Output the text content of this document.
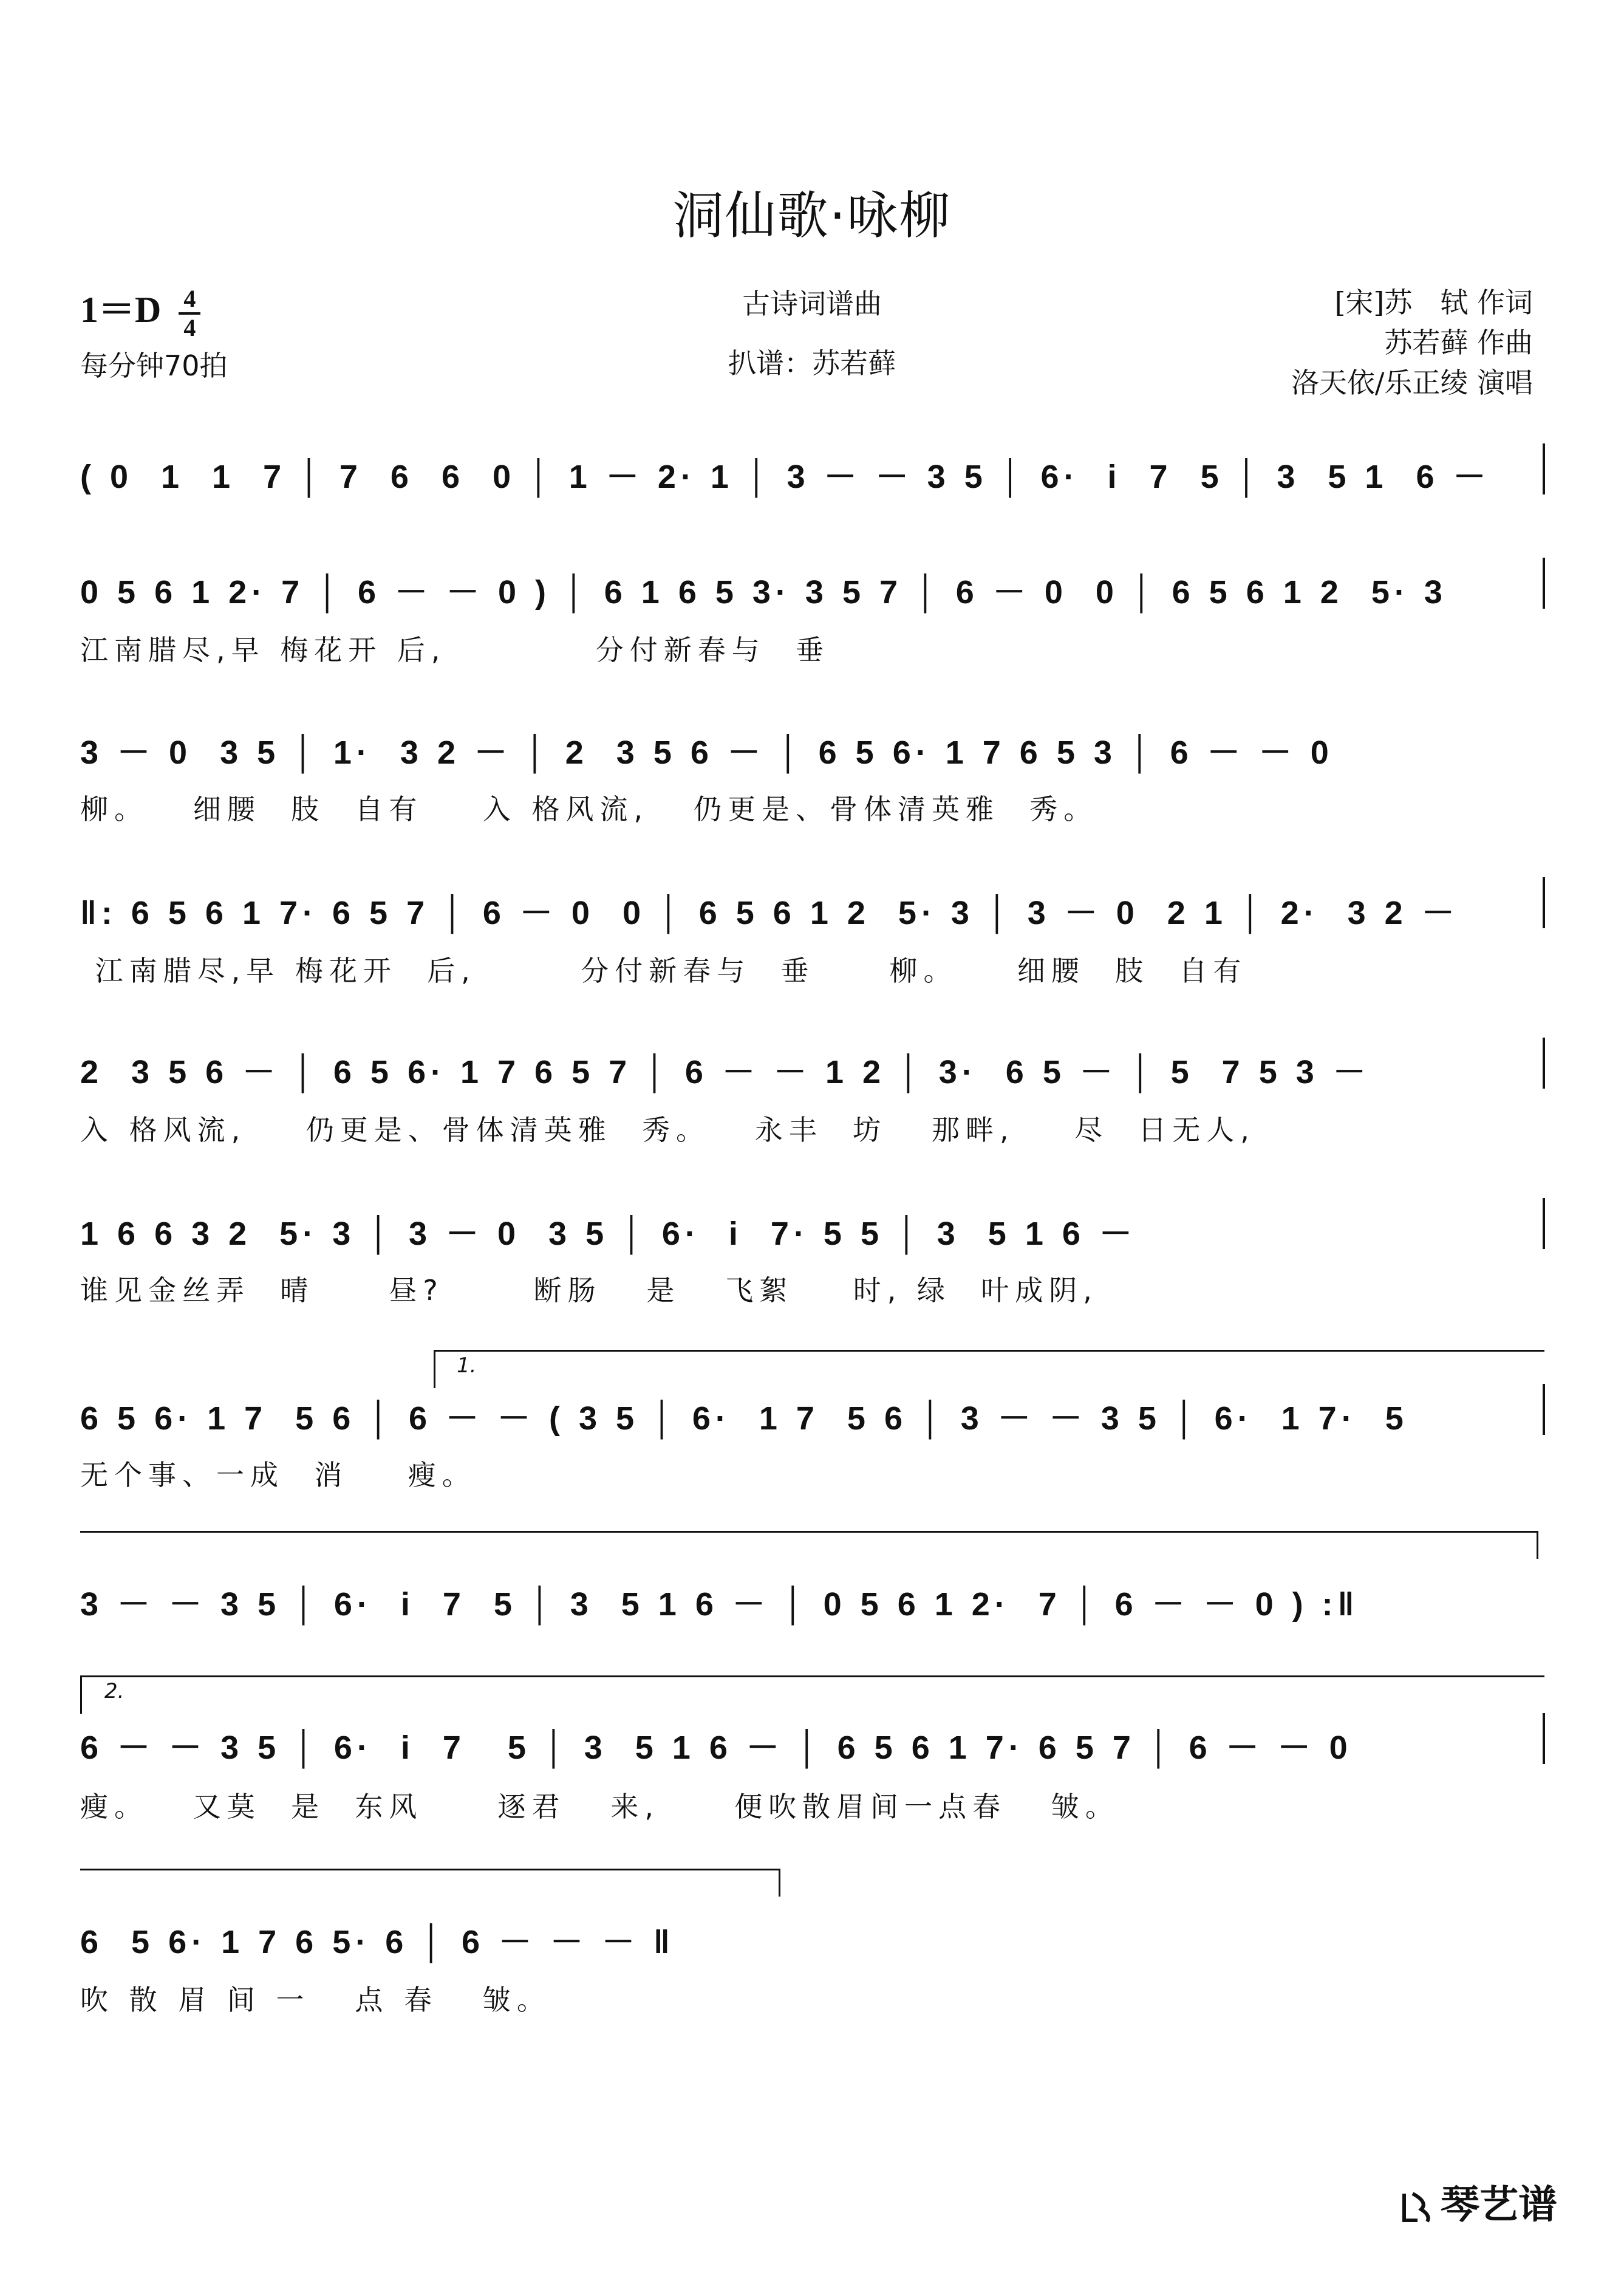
洞仙歌·咏柳
$1=D \frac{4}{4}$
每分钟70拍
古诗词谱曲
扒谱：苏若藓
[宋]苏　轼 作词
苏若藓 作曲
洛天依/乐正绫 演唱
( 0  1  1  7 │ 7  6  6  0 │ 1 － 2· 1 │ 3 － － 3 5 │ 6·  i  7  5 │ 3  5 1  6 －
0 5 6 1 2· 7 │ 6 － － 0 ) │ 6 1 6 5 3· 3 5 7 │ 6 － 0  0 │ 6 5 6 1 2  5· 3
江南腊尽,早 梅花开 后,          分付新春与  垂
3 － 0  3 5 │ 1·  3 2 － │ 2  3 5 6 － │ 6 5 6· 1 7 6 5 3 │ 6 － － 0
柳。   细腰  肢  自有    入 格风流,   仍更是、骨体清英雅  秀。
‖: 6 5 6 1 7· 6 5 7 │ 6 － 0  0 │ 6 5 6 1 2  5· 3 │ 3 － 0  2 1 │ 2·  3 2 －
江南腊尽,早 梅花开  后,       分付新春与  垂     柳。    细腰  肢  自有
2  3 5 6 － │ 6 5 6· 1 7 6 5 7 │ 6 － － 1 2 │ 3·  6 5 － │ 5  7 5 3 －
入 格风流,    仍更是、骨体清英雅  秀。   永丰  坊   那畔,    尽  日无人,
1 6 6 3 2  5· 3 │ 3 － 0  3 5 │ 6·  i  7· 5 5 │ 3  5 1 6 －
谁见金丝弄  晴     昼?      断肠   是   飞絮    时, 绿  叶成阴,
1.
6 5 6· 1 7  5 6 │ 6 － － ( 3 5 │ 6·  1 7  5 6 │ 3 － － 3 5 │ 6·  1 7·  5
无个事、一成  消    瘦。
3 － － 3 5 │ 6·  i  7  5 │ 3  5 1 6 － │ 0 5 6 1 2·  7 │ 6 － － 0 ) :‖
2.
6 － － 3 5 │ 6·  i  7   5 │ 3  5 1 6 － │ 6 5 6 1 7· 6 5 7 │ 6 － － 0
瘦。   又莫  是  东风     逐君   来,     便吹散眉间一点春   皱。
6  5 6· 1 7 6 5· 6 │ 6 － － － ‖
吹 散 眉 间 一   点 春   皱。
琴艺谱
